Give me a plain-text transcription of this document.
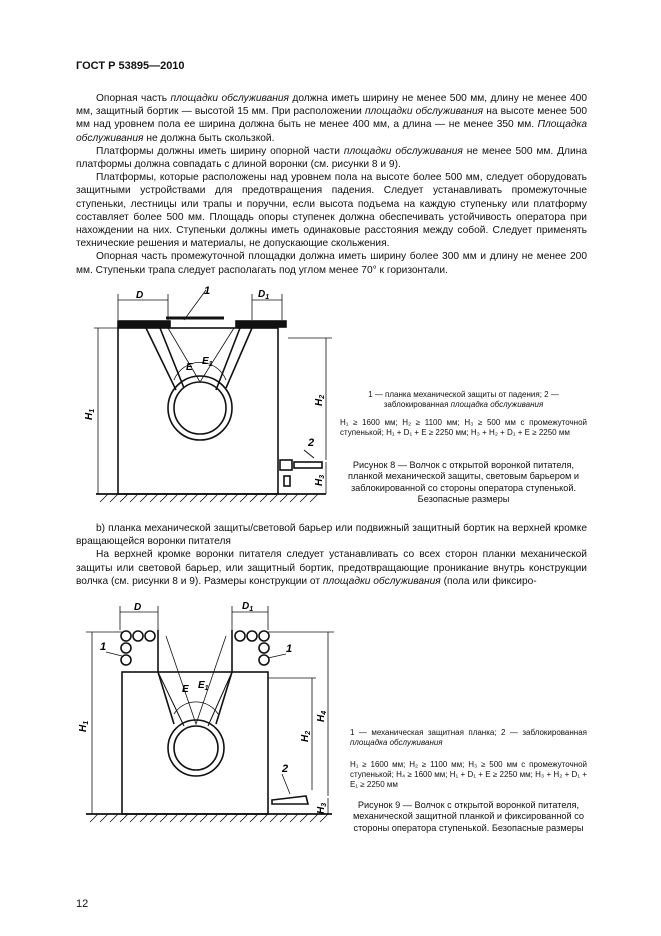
ГОСТ Р 53895—2010

Опорная часть площадки обслуживания должна иметь ширину не менее 500 мм, длину не менее 400 мм, защитный бортик — высотой 15 мм. При расположении площадки обслуживания на высоте менее 500 мм над уровнем пола ее ширина должна быть не менее 400 мм, а длина — не менее 350 мм. Площадка обслуживания не должна быть скользкой.

Платформы должны иметь ширину опорной части площадки обслуживания не менее 500 мм. Длина платформы должна совпадать с длиной воронки (см. рисунки 8 и 9).

Платформы, которые расположены над уровнем пола на высоте более 500 мм, следует оборудовать защитными устройствами для предотвращения падения. Следует устанавливать промежуточные ступеньки, лестницы или трапы и поручни, если высота подъема на каждую ступеньку или платформу составляет более 500 мм. Площадь опоры ступенек должна обеспечивать устойчивость оператора при нахождении на них. Ступеньки должны иметь одинаковые расстояния между собой. Следует применять технические решения и материалы, не допускающие скольжения.

Опорная часть промежуточной площадки должна иметь ширину более 300 мм и длину не менее 200 мм. Ступеньки трапа следует располагать под углом менее 70° к горизонтали.

D	$D_1$
1
E
$E_1$
2
$H_1$
$H_2$
$H_3$
1 — планка механической защиты от падения; 2 —заблокированная площадка обслуживания
H₁ ≥ 1600 мм; H₂ ≥ 1100 мм; H₃ ≥ 500 мм с промежуточной ступенькой; H₁ + D₁ + E ≥ 2250 мм; H₃ + H₂ + D₁ + E ≥ 2250 мм
Рисунок 8 — Волчок с открытой воронкой питателя, планкой механической защиты, световым барьером и заблокированной со стороны оператора ступенькой. Безопасные размеры

b) планка механической защиты/световой барьер или подвижный защитный бортик на верхней кромке вращающейся воронки питателя

На верхней кромке воронки питателя следует устанавливать со всех сторон планки механической защиты или световой барьер, или защитный бортик, предотвращающие проникание внутрь конструкции волчка (см. рисунки 8 и 9). Размеры конструкции от площадки обслуживания (пола или фиксиро-

D	$D_1$
1	1
E $E_1$
2
$H_1$
$H_2$
$H_4$
$H_3$
1 — механическая защитная планка; 2 — заблокированная площадка обслуживания
H₁ ≥ 1600 мм; H₂ ≥ 1100 мм; H₃ ≥ 500 мм с промежуточной ступенькой; H₄ ≥ 1600 мм; H₁ + D₁ + E ≥ 2250 мм; H₃ + H₂ + D₁ + E₁ ≥ 2250 мм
Рисунок 9 — Волчок с открытой воронкой питателя, механической защитной планкой и фиксированной со стороны оператора ступенькой. Безопасные размеры
12
